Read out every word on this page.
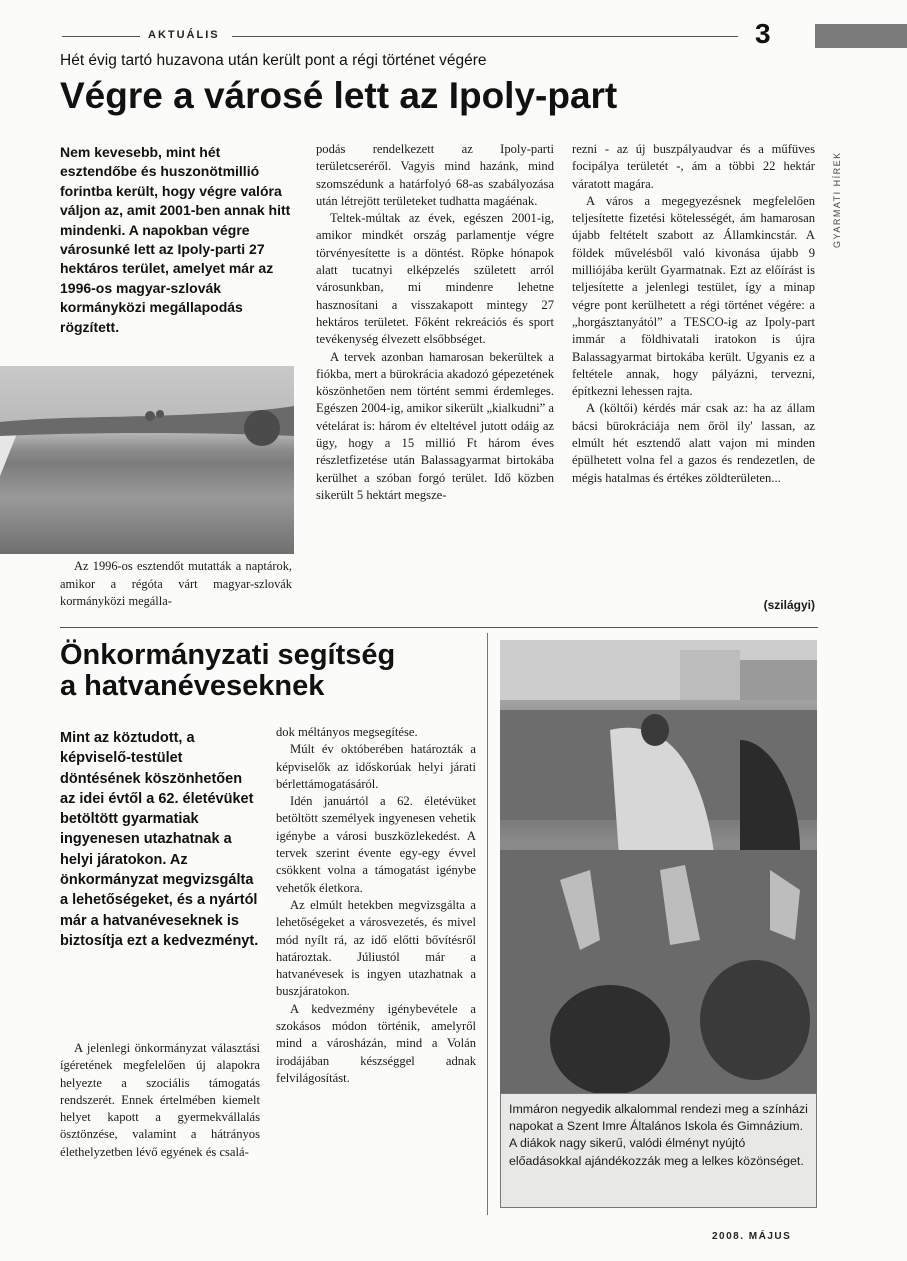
AKTUÁLIS	3
GYARMATI HÍREK
Hét évig tartó huzavona után került pont a régi történet végére
Végre a városé lett az Ipoly-part
Nem kevesebb, mint hét esztendőbe és huszonötmillió forintba került, hogy végre valóra váljon az, amit 2001-ben annak hitt mindenki. A napokban végre városunké lett az Ipoly-parti 27 hektáros terület, amelyet már az 1996-os magyar-szlovák kormányközi megállapodás rögzített.
Az 1996-os esztendőt mutatták a naptárok, amikor a régóta várt magyar-szlovák kormányközi megálla-

podás rendelkezett az Ipoly-parti területcseréről. Vagyis mind hazánk, mind szomszédunk a határfolyó 68-as szabályozása után létrejött területeket tudhatta magáénak.

Teltek-múltak az évek, egészen 2001-ig, amikor mindkét ország parlamentje végre törvényesítette is a döntést. Röpke hónapok alatt tucatnyi elképzelés született arról városunkban, mi mindenre lehetne hasznosítani a visszakapott mintegy 27 hektáros területet. Főként rekreációs és sport tevékenység élvezett elsőbbséget.

A tervek azonban hamarosan bekerültek a fiókba, mert a bürokrácia akadozó gépezetének köszönhetően nem történt semmi érdemleges. Egészen 2004-ig, amikor sikerült „kialkudni” a vételárat is: három év elteltével jutott odáig az ügy, hogy a 15 millió Ft három éves részletfizetése után Balassagyarmat birtokába kerülhet a szóban forgó terület. Idő közben sikerült 5 hektárt megsze-

rezni - az új buszpályaudvar és a műfüves focipálya területét -, ám a többi 22 hektár váratott magára.

A város a megegyezésnek megfelelően teljesítette fizetési kötelességét, ám hamarosan újabb feltételt szabott az Államkincstár. A földek művelésből való kivonása újabb 9 milliójába került Gyarmatnak. Ezt az előírást is teljesítette a jelenlegi testület, így a minap végre pont kerülhetett a régi történet végére: a „horgásztanyától” a TESCO-ig az Ipoly-part immár a földhivatali iratokon is újra Balassagyarmat birtokába került. Ugyanis ez a feltétele annak, hogy pályázni, tervezni, építkezni lehessen rajta.

A (költői) kérdés már csak az: ha az állam bácsi bürokráciája nem őröl ily' lassan, az elmúlt hét esztendő alatt vajon mi minden épülhetett volna fel a gazos és rendezetlen, de mégis hatalmas és értékes zöldterületen...

(szilágyi)
Önkormányzati segítség
a hatvanéveseknek
Mint az köztudott, a képviselő-testület döntésének köszönhetően az idei évtől a 62. életévüket betöltött gyarmatiak ingyenesen utazhatnak a helyi járatokon. Az önkormányzat megvizsgálta a lehetőségeket, és a nyártól már a hatvanéveseknek is biztosítja ezt a kedvezményt.

A jelenlegi önkormányzat választási ígéretének megfelelően új alapokra helyezte a szociális támogatás rendszerét. Ennek értelmében kiemelt helyet kapott a gyermekvállalás ösztönzése, valamint a hátrányos élethelyzetben lévő egyének és csalá-

dok méltányos megsegítése.

Múlt év októberében határozták a képviselők az időskorúak helyi járati bérlettámogatásáról.

Idén januártól a 62. életévüket betöltött személyek ingyenesen vehetik igénybe a városi buszközlekedést. A tervek szerint évente egy-egy évvel csökkent volna a támogatást igénybe vehetők életkora.

Az elmúlt hetekben megvizsgálta a lehetőségeket a városvezetés, és mivel mód nyílt rá, az idő előtti bővítésről határoztak. Júliustól már a hatvanévesek is ingyen utazhatnak a buszjáratokon.

A kedvezmény igénybevétele a szokásos módon történik, amelyről mind a városházán, mind a Volán irodájában készséggel adnak felvilágosítást.

Immáron negyedik alkalommal rendezi meg a színházi napokat a Szent Imre Általános Iskola és Gimnázium. A diákok nagy sikerű, valódi élményt nyújtó előadásokkal ajándékozzák meg a lelkes közönséget.
2008. MÁJUS
